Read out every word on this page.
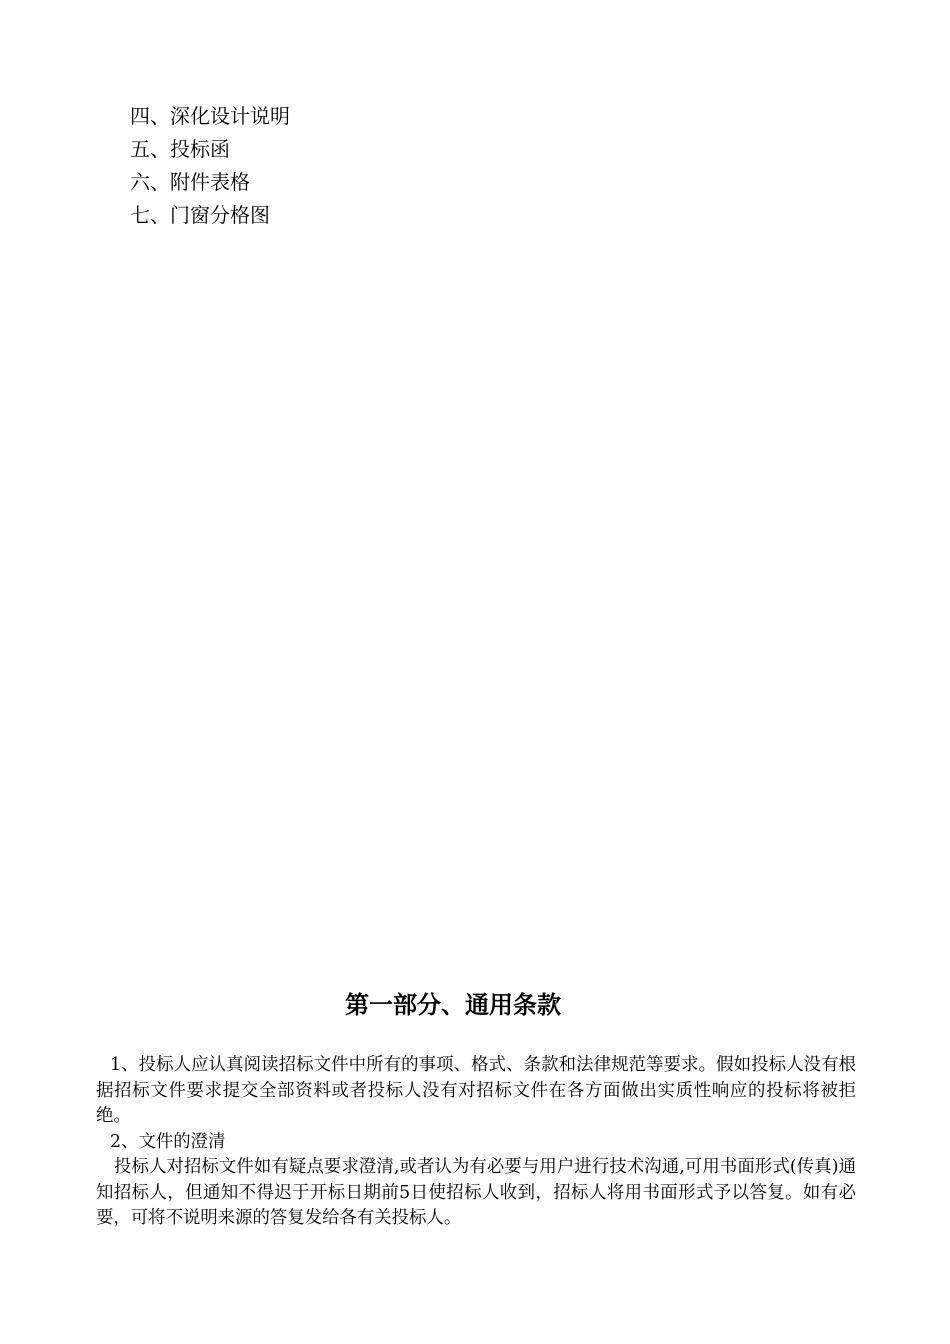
四、深化设计说明
五、投标函
六、附件表格
七、门窗分格图
第一部分、通用条款

1、投标人应认真阅读招标文件中所有的事项、格式、条款和法律规范等要求。假如投标人没有根据招标文件要求提交全部资料或者投标人没有对招标文件在各方面做出实质性响应的投标将被拒绝。

2、文件的澄清

投标人对招标文件如有疑点要求澄清,或者认为有必要与用户进行技术沟通,可用书面形式(传真)通知招标人，但通知不得迟于开标日期前5日使招标人收到，招标人将用书面形式予以答复。如有必要，可将不说明来源的答复发给各有关投标人。
